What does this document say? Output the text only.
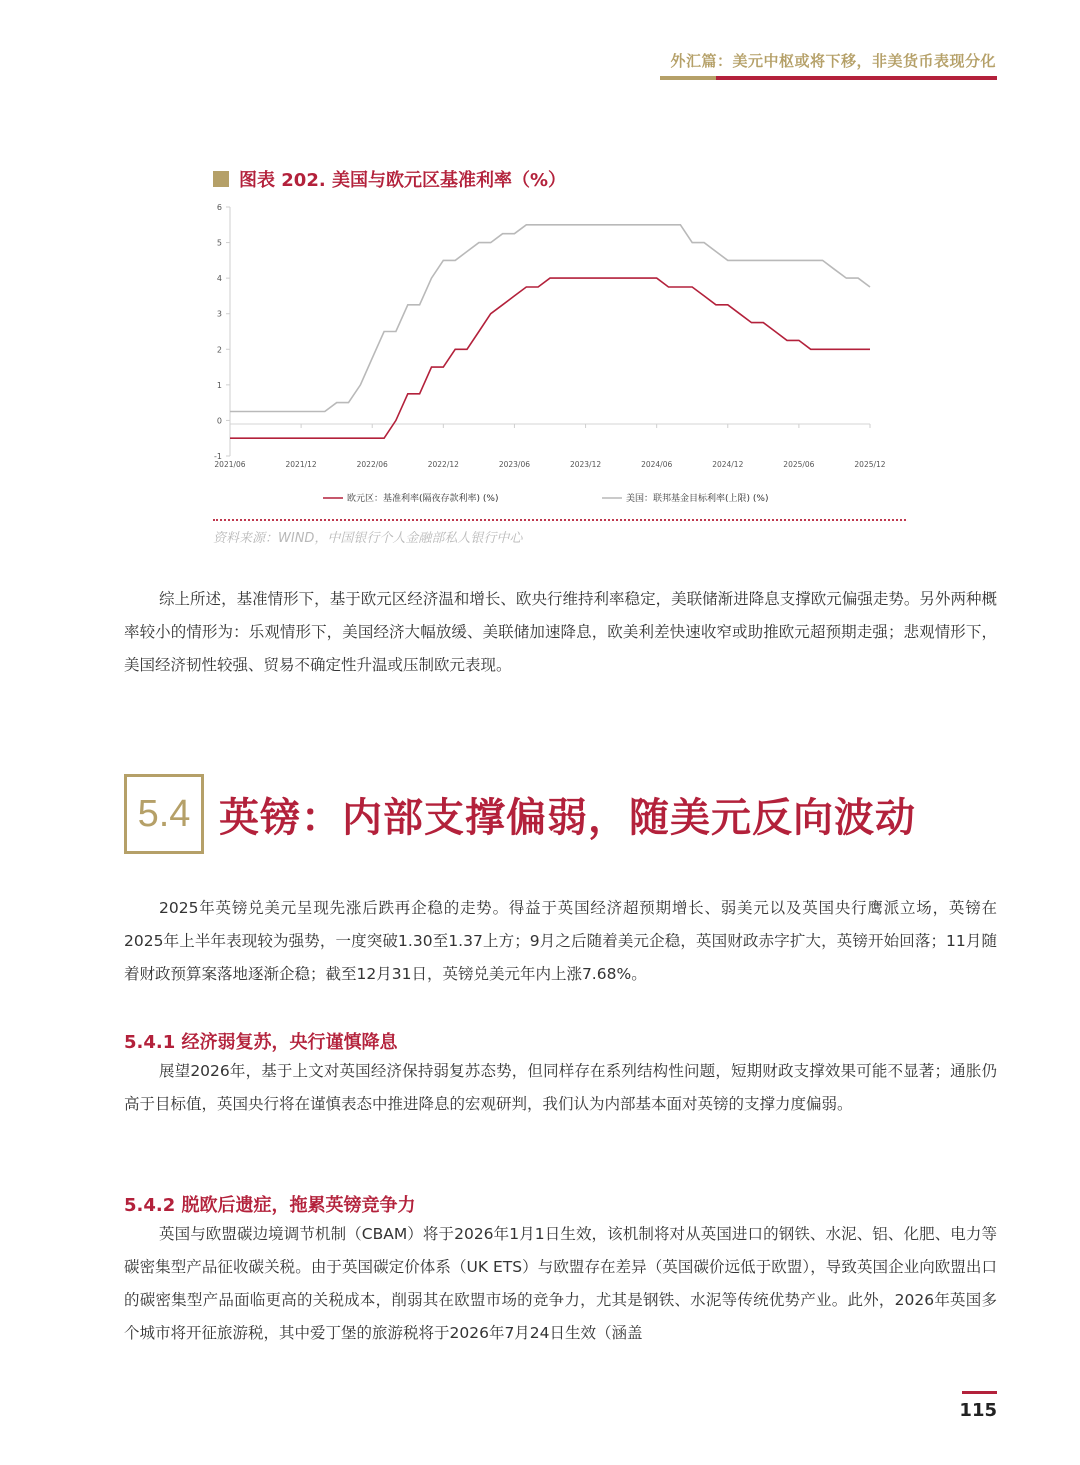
外汇篇：美元中枢或将下移，非美货币表现分化
图表 202. 美国与欧元区基准利率（%）
-1
0
1
2
3
4
5
6
2021/06	2021/12	2022/06	2022/12	2023/06	2023/12	2024/06	2024/12	2025/06	2025/12
欧元区：基准利率(隔夜存款利率) (%)	美国：联邦基金目标利率(上限) (%)
资料来源：WIND，中国银行个人金融部私人银行中心

综上所述，基准情形下，基于欧元区经济温和增长、欧央行维持利率稳定，美联储渐进降息支撑欧元偏强走势。另外两种概率较小的情形为：乐观情形下，美国经济大幅放缓、美联储加速降息，欧美利差快速收窄或助推欧元超预期走强；悲观情形下，美国经济韧性较强、贸易不确定性升温或压制欧元表现。

5.4 英镑：内部支撑偏弱，随美元反向波动

2025年英镑兑美元呈现先涨后跌再企稳的走势。得益于英国经济超预期增长、弱美元以及英国央行鹰派立场，英镑在2025年上半年表现较为强势，一度突破1.30至1.37上方；9月之后随着美元企稳，英国财政赤字扩大，英镑开始回落；11月随着财政预算案落地逐渐企稳；截至12月31日，英镑兑美元年内上涨7.68%。

5.4.1 经济弱复苏，央行谨慎降息

展望2026年，基于上文对英国经济保持弱复苏态势，但同样存在系列结构性问题，短期财政支撑效果可能不显著；通胀仍高于目标值，英国央行将在谨慎表态中推进降息的宏观研判，我们认为内部基本面对英镑的支撑力度偏弱。

5.4.2 脱欧后遗症，拖累英镑竞争力

英国与欧盟碳边境调节机制（CBAM）将于2026年1月1日生效，该机制将对从英国进口的钢铁、水泥、铝、化肥、电力等碳密集型产品征收碳关税。由于英国碳定价体系（UK ETS）与欧盟存在差异（英国碳价远低于欧盟），导致英国企业向欧盟出口的碳密集型产品面临更高的关税成本，削弱其在欧盟市场的竞争力，尤其是钢铁、水泥等传统优势产业。此外，2026年英国多个城市将开征旅游税，其中爱丁堡的旅游税将于2026年7月24日生效（涵盖

115
